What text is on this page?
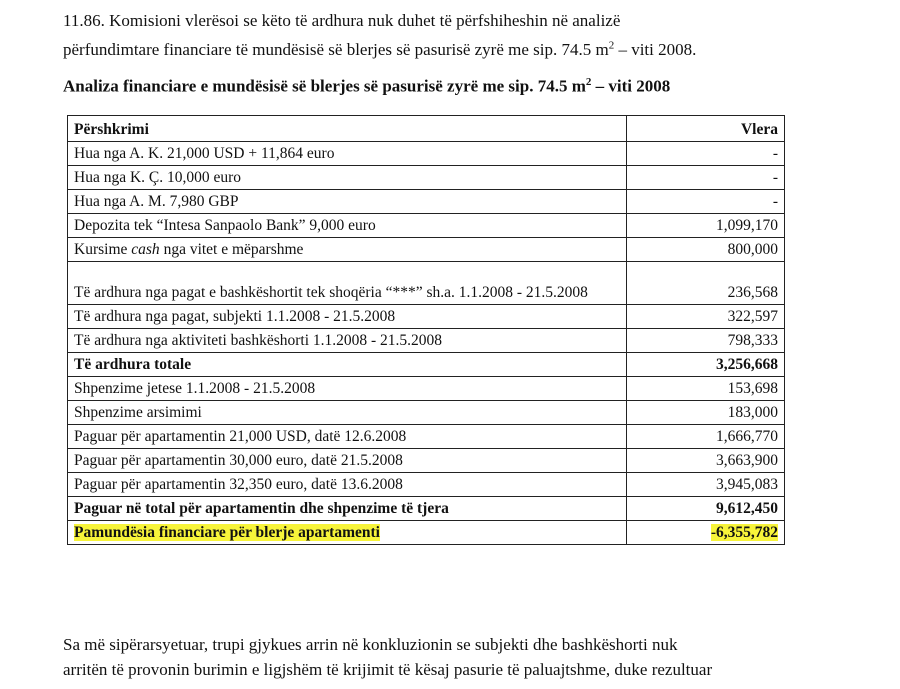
11.86. Komisioni vlerësoi se këto të ardhura nuk duhet të përfshiheshin në analizë
përfundimtare financiare të mundësisë së blerjes së pasurisë zyrë me sip. 74.5 $m^2$ – viti 2008.
Analiza financiare e mundësisë së blerjes së pasurisë zyrë me sip. 74.5 $m^2$ – viti 2008
Përshkrimi	Vlera
Hua nga A. K. 21,000 USD + 11,864 euro	-
Hua nga K. Ç. 10,000 euro	-
Hua nga A. M. 7,980 GBP	-
Depozita tek “Intesa Sanpaolo Bank” 9,000 euro	1,099,170
Kursime cash nga vitet e mëparshme	800,000
Të ardhura nga pagat e bashkëshortit tek shoqëria “***” sh.a. 1.1.2008 - 21.5.2008	236,568
Të ardhura nga pagat, subjekti 1.1.2008 - 21.5.2008	322,597
Të ardhura nga aktiviteti bashkëshorti 1.1.2008 - 21.5.2008	798,333
Të ardhura totale	3,256,668
Shpenzime jetese 1.1.2008 - 21.5.2008	153,698
Shpenzime arsimimi	183,000
Paguar për apartamentin 21,000 USD, datë 12.6.2008	1,666,770
Paguar për apartamentin 30,000 euro, datë 21.5.2008	3,663,900
Paguar për apartamentin 32,350 euro, datë 13.6.2008	3,945,083
Paguar në total për apartamentin dhe shpenzime të tjera	9,612,450
Pamundësia financiare për blerje apartamenti	-6,355,782
Sa më sipërarsyetuar, trupi gjykues arrin në konkluzionin se subjekti dhe bashkëshorti nuk
arritën të provonin burimin e ligjshëm të krijimit të kësaj pasurie të paluajtshme, duke rezultuar
